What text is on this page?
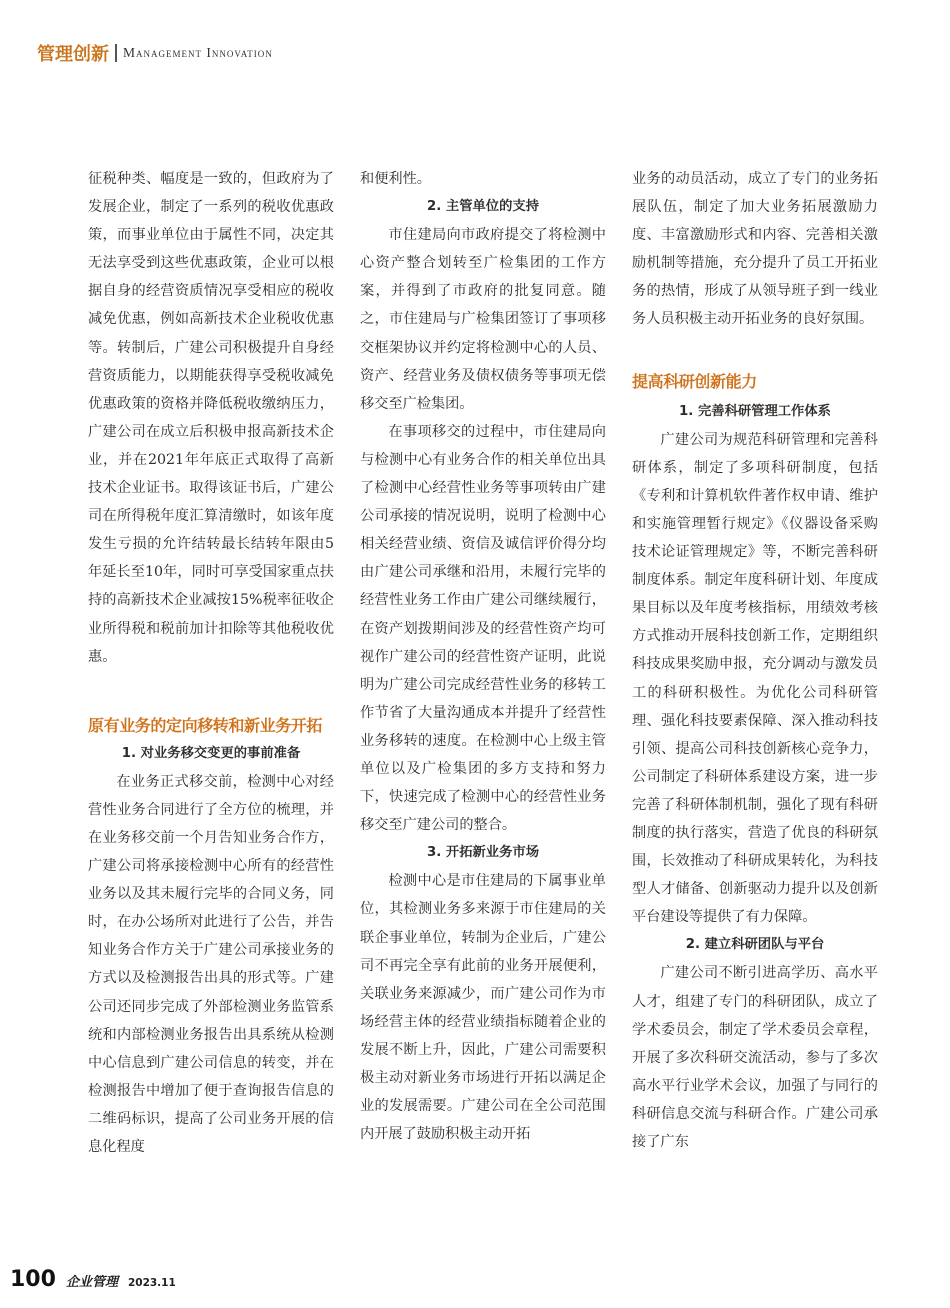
管理创新 Management Innovation

征税种类、幅度是一致的，但政府为了发展企业，制定了一系列的税收优惠政策，而事业单位由于属性不同，决定其无法享受到这些优惠政策，企业可以根据自身的经营资质情况享受相应的税收减免优惠，例如高新技术企业税收优惠等。转制后，广建公司积极提升自身经营资质能力，以期能获得享受税收减免优惠政策的资格并降低税收缴纳压力，广建公司在成立后积极申报高新技术企业，并在2021年年底正式取得了高新技术企业证书。取得该证书后，广建公司在所得税年度汇算清缴时，如该年度发生亏损的允许结转最长结转年限由5年延长至10年，同时可享受国家重点扶持的高新技术企业减按15%税率征收企业所得税和税前加计扣除等其他税收优惠。

原有业务的定向移转和新业务开拓

1. 对业务移交变更的事前准备

在业务正式移交前，检测中心对经营性业务合同进行了全方位的梳理，并在业务移交前一个月告知业务合作方，广建公司将承接检测中心所有的经营性业务以及其未履行完毕的合同义务，同时，在办公场所对此进行了公告，并告知业务合作方关于广建公司承接业务的方式以及检测报告出具的形式等。广建公司还同步完成了外部检测业务监管系统和内部检测业务报告出具系统从检测中心信息到广建公司信息的转变，并在检测报告中增加了便于查询报告信息的二维码标识，提高了公司业务开展的信息化程度

和便利性。

2. 主管单位的支持

市住建局向市政府提交了将检测中心资产整合划转至广检集团的工作方案，并得到了市政府的批复同意。随之，市住建局与广检集团签订了事项移交框架协议并约定将检测中心的人员、资产、经营业务及债权债务等事项无偿移交至广检集团。

在事项移交的过程中，市住建局向与检测中心有业务合作的相关单位出具了检测中心经营性业务等事项转由广建公司承接的情况说明，说明了检测中心相关经营业绩、资信及诚信评价得分均由广建公司承继和沿用，未履行完毕的经营性业务工作由广建公司继续履行，在资产划拨期间涉及的经营性资产均可视作广建公司的经营性资产证明，此说明为广建公司完成经营性业务的移转工作节省了大量沟通成本并提升了经营性业务移转的速度。在检测中心上级主管单位以及广检集团的多方支持和努力下，快速完成了检测中心的经营性业务移交至广建公司的整合。

3. 开拓新业务市场

检测中心是市住建局的下属事业单位，其检测业务多来源于市住建局的关联企事业单位，转制为企业后，广建公司不再完全享有此前的业务开展便利，关联业务来源减少，而广建公司作为市场经营主体的经营业绩指标随着企业的发展不断上升，因此，广建公司需要积极主动对新业务市场进行开拓以满足企业的发展需要。广建公司在全公司范围内开展了鼓励积极主动开拓

业务的动员活动，成立了专门的业务拓展队伍，制定了加大业务拓展激励力度、丰富激励形式和内容、完善相关激励机制等措施，充分提升了员工开拓业务的热情，形成了从领导班子到一线业务人员积极主动开拓业务的良好氛围。

提高科研创新能力

1. 完善科研管理工作体系

广建公司为规范科研管理和完善科研体系，制定了多项科研制度，包括《专利和计算机软件著作权申请、维护和实施管理暂行规定》《仪器设备采购技术论证管理规定》等，不断完善科研制度体系。制定年度科研计划、年度成果目标以及年度考核指标，用绩效考核方式推动开展科技创新工作，定期组织科技成果奖励申报，充分调动与激发员工的科研积极性。为优化公司科研管理、强化科技要素保障、深入推动科技引领、提高公司科技创新核心竞争力，公司制定了科研体系建设方案，进一步完善了科研体制机制，强化了现有科研制度的执行落实，营造了优良的科研氛围，长效推动了科研成果转化，为科技型人才储备、创新驱动力提升以及创新平台建设等提供了有力保障。

2. 建立科研团队与平台

广建公司不断引进高学历、高水平人才，组建了专门的科研团队，成立了学术委员会，制定了学术委员会章程，开展了多次科研交流活动，参与了多次高水平行业学术会议，加强了与同行的科研信息交流与科研合作。广建公司承接了广东

100 企业管理 2023.11
